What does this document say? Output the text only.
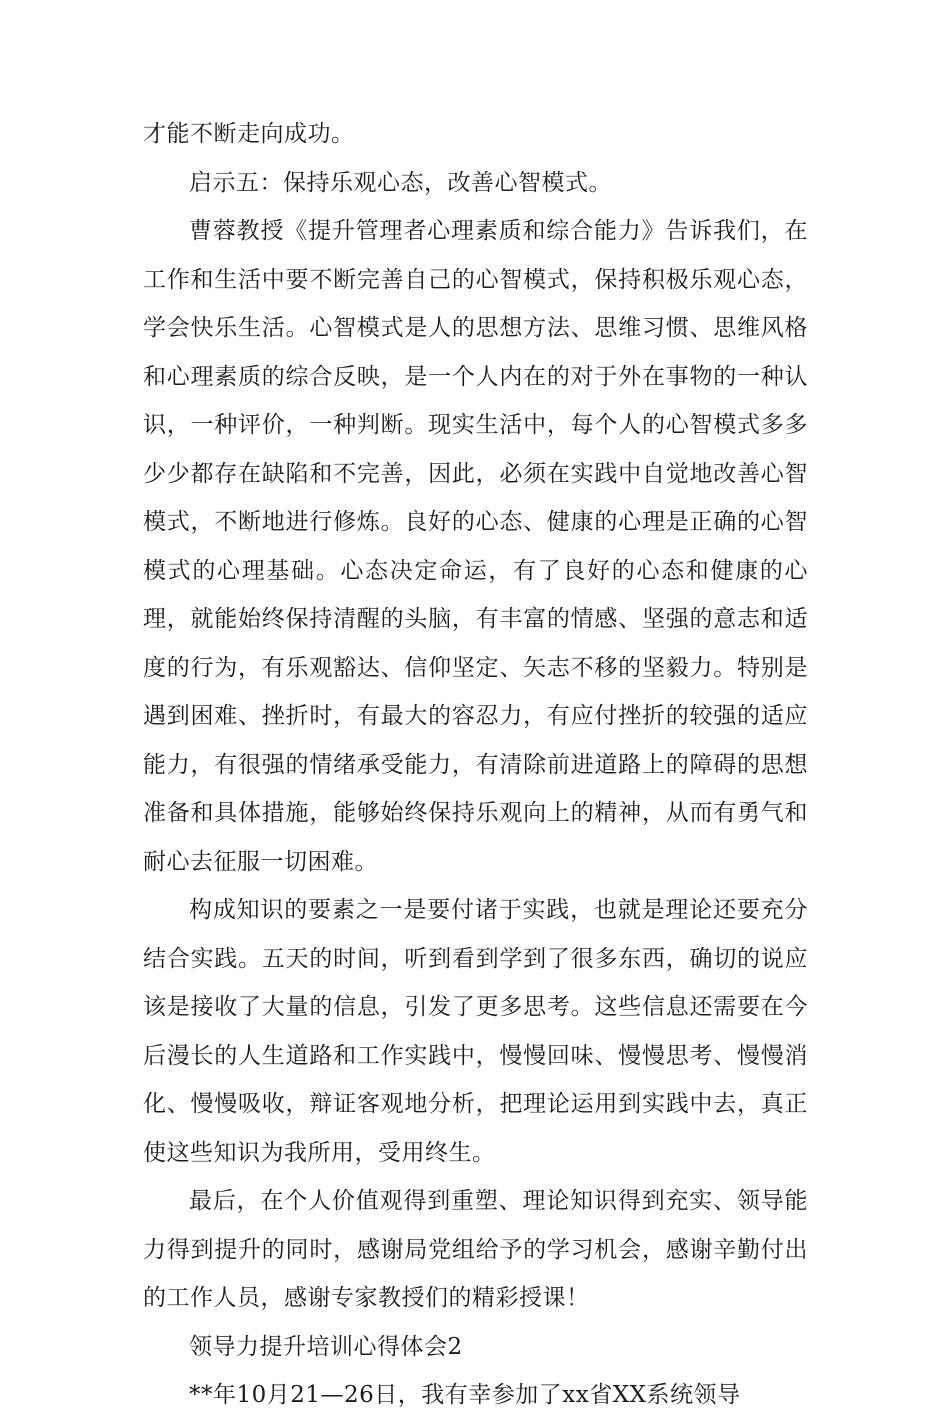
才能不断走向成功。

启示五：保持乐观心态，改善心智模式。

曹蓉教授《提升管理者心理素质和综合能力》告诉我们，在工作和生活中要不断完善自己的心智模式，保持积极乐观心态，学会快乐生活。心智模式是人的思想方法、思维习惯、思维风格和心理素质的综合反映，是一个人内在的对于外在事物的一种认识，一种评价，一种判断。现实生活中，每个人的心智模式多多少少都存在缺陷和不完善，因此，必须在实践中自觉地改善心智模式，不断地进行修炼。良好的心态、健康的心理是正确的心智模式的心理基础。心态决定命运，有了良好的心态和健康的心理，就能始终保持清醒的头脑，有丰富的情感、坚强的意志和适度的行为，有乐观豁达、信仰坚定、矢志不移的坚毅力。特别是遇到困难、挫折时，有最大的容忍力，有应付挫折的较强的适应能力，有很强的情绪承受能力，有清除前进道路上的障碍的思想准备和具体措施，能够始终保持乐观向上的精神，从而有勇气和耐心去征服一切困难。

构成知识的要素之一是要付诸于实践，也就是理论还要充分结合实践。五天的时间，听到看到学到了很多东西，确切的说应该是接收了大量的信息，引发了更多思考。这些信息还需要在今后漫长的人生道路和工作实践中，慢慢回味、慢慢思考、慢慢消化、慢慢吸收，辩证客观地分析，把理论运用到实践中去，真正使这些知识为我所用，受用终生。

最后，在个人价值观得到重塑、理论知识得到充实、领导能力得到提升的同时，感谢局党组给予的学习机会，感谢辛勤付出的工作人员，感谢专家教授们的精彩授课！

领导力提升培训心得体会2

**年10月21—26日，我有幸参加了xx省XX系统领导
